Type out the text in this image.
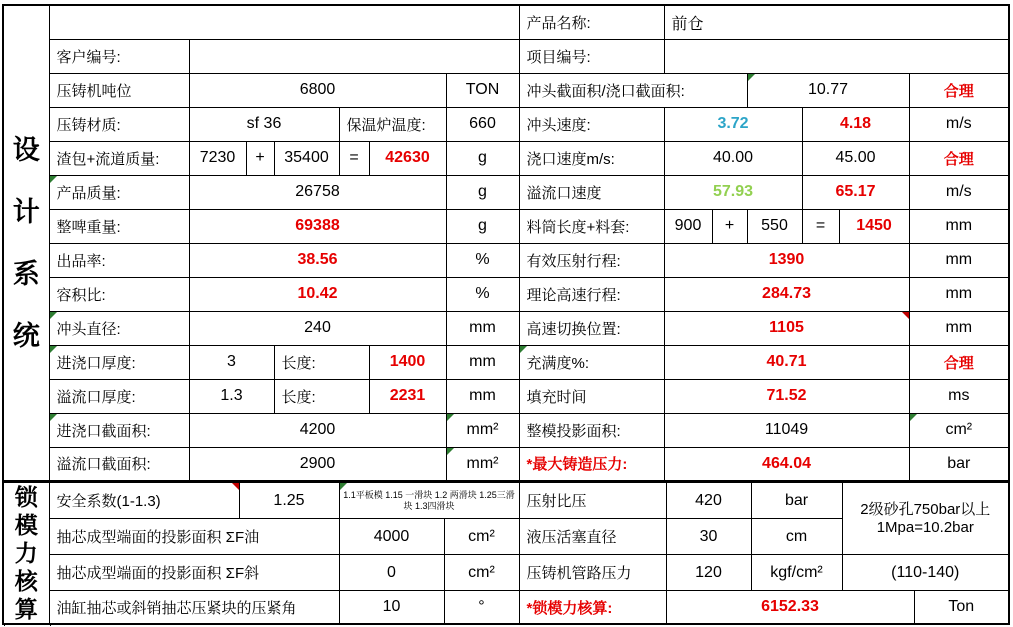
设计系统								产品名称:	前仓					
	客户编号:							项目编号:						
	压铸机吨位	6800					TON	冲头截面积/浇口截面积:			10.77			合理
	压铸材质:	sf 36			保温炉温度:		660	冲头速度:	3.72			4.18		m/s
	渣包+流道质量:	7230	+	35400	=	42630	g	浇口速度m/s:	40.00			45.00		合理
	产品质量:	26758					g	溢流口速度	57.93			65.17		m/s
	整啤重量:	69388					g	料筒长度+料套:	900	+	550	=	1450	mm
	出品率:	38.56					%	有效压射行程:	1390					mm
	容积比:	10.42					%	理论高速行程:	284.73					mm
	冲头直径:	240					mm	高速切换位置:	1105					mm
	进浇口厚度:	3		长度:		1400	mm	充满度%:	40.71					合理
	溢流口厚度:	1.3		长度:		2231	mm	填充时间	71.52					ms
	进浇口截面积:	4200					mm²	整模投影面积:	11049					cm²
	溢流口截面积:	2900					mm²	*最大铸造压力:	464.04					bar
锁模力核算	安全系数(1-1.3)	1.25	1.1平板模 1.15 一滑块 1.2 两滑块 1.25三滑块 1.3四滑块		压射比压	420	bar	2级砂孔750bar以上
1Mpa=10.2bar	

	抽芯成型端面的投影面积 ΣF油		4000	cm²	液压活塞直径	30	cm		
	抽芯成型端面的投影面积 ΣF斜		0	cm²	压铸机管路压力	120	kgf/cm²	(110-140)	
	油缸抽芯或斜销抽芯压紧块的压紧角		10	°	*锁模力核算:	6152.33			Ton
